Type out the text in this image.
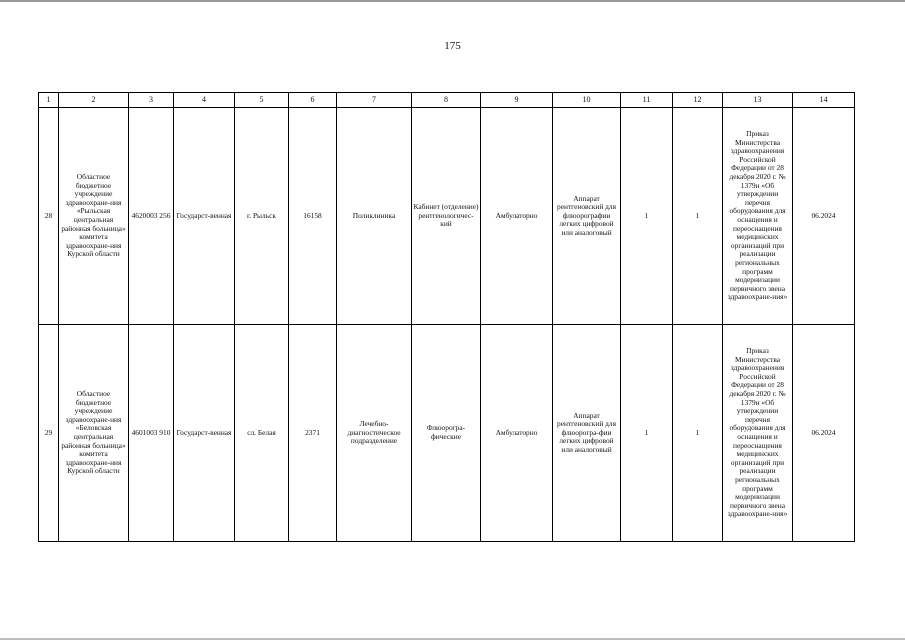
175
1	2	3	4	5	6	7	8	9	10	11	12	13	14
28	Областное бюджетное учреждение здравоохране-ния «Рыльская центральная районная больница» комитета здравоохране-ния Курской области	4620003 256	Государст-венная	г. Рыльск	16158	Поликлиника	Кабинет (отделение) рентгенологичес-кий	Амбулаторно	Аппарат рентгеновский для флюорографии легких цифровой или аналоговый	1	1	Приказ Министерства здравоохранения Российской Федерации от 28 декабря 2020 г. № 1379н «Об утверждении перечня оборудования для оснащения и переоснащения медицинских организаций при реализации региональных программ модернизации первичного звена здравоохране-ния»	06.2024
29	Областное бюджетное учреждение здравоохране-ния «Беловская центральная районная больница» комитета здравоохране-ния Курской области	4601003 910	Государст-венная	сл. Белая	2371	Лечебно-диагностическое подразделение	Флюорогра-фические	Амбулаторно	Аппарат рентгеновский для флюорогра-фии легких цифровой или аналоговый	1	1	Приказ Министерства здравоохранения Российской Федерации от 28 декабря 2020 г. № 1379н «Об утверждении перечня оборудования для оснащения и переоснащения медицинских организаций при реализации региональных программ модернизации первичного звена здравоохране-ния»	06.2024
